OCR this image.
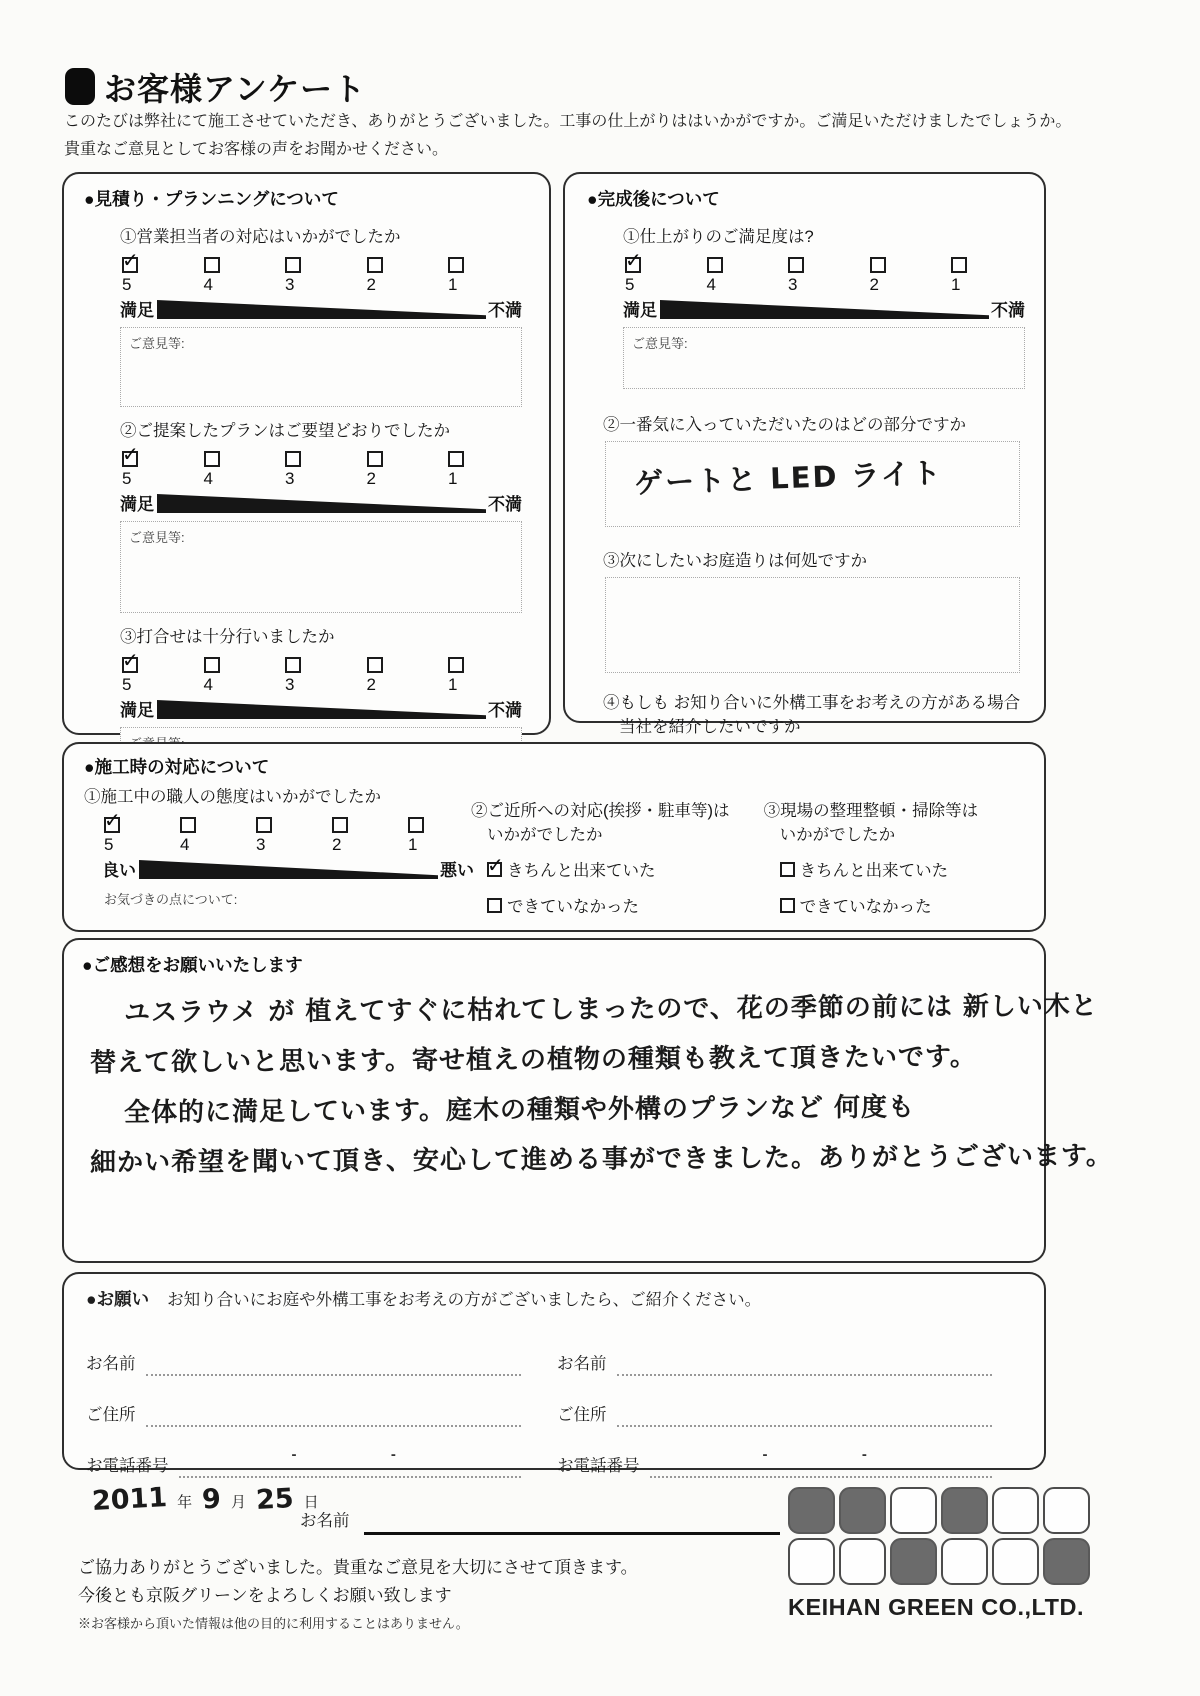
お客様アンケート
このたびは弊社にて施工させていただき、ありがとうございました。工事の仕上がりははいかがですか。ご満足いただけましたでしょうか。
貴重なご意見としてお客様の声をお聞かせください。
●見積り・プランニングについて
①営業担当者の対応はいかがでしたか
✓
5	4	3	2	1
満足	不満
ご意見等:
②ご提案したプランはご要望どおりでしたか
✓
5	4	3	2	1
満足	不満
ご意見等:
③打合せは十分行いましたか
✓
5	4	3	2	1
満足	不満
●完成後について
①仕上がりのご満足度は?
✓
5	4	3	2	1
満足	不満
ご意見等:
②一番気に入っていただいたのはどの部分ですか
ゲートと LED ライト
③次にしたいお庭造りは何処ですか
④もしも お知り合いに外構工事をお考えの方がある場合
当社を紹介したいですか
✓
●施工時の対応について
①施工中の職人の態度はいかがでしたか
✓
5	4	3	2	1
良い	悪い
お気づきの点について:
②ご近所への対応(挨拶・駐車等)は
いかがでしたか
✓
きちんと出来ていた
できていなかった
③現場の整理整頓・掃除等は
いかがでしたか
きちんと出来ていた
できていなかった
●ご感想をお願いいたします
ユスラウメ が 植えてすぐに枯れてしまったので、花の季節の前には 新しい木と
替えて欲しいと思います。寄せ植えの植物の種類も教えて頂きたいです。
全体的に満足しています。庭木の種類や外構のプランなど 何度も
細かい希望を聞いて頂き、安心して進める事ができました。ありがとうございます。
●お願い お知り合いにお庭や外構工事をお考えの方がございましたら、ご紹介ください。
お名前
ご住所
お電話番号
-	-
お名前
ご住所
お電話番号
-	-
2011 年 9 月 25 日
お名前
ご協力ありがとうございました。貴重なご意見を大切にさせて頂きます。
今後とも京阪グリーンをよろしくお願い致します
※お客様から頂いた情報は他の目的に利用することはありません。
KEIHAN GREEN CO.,LTD.
